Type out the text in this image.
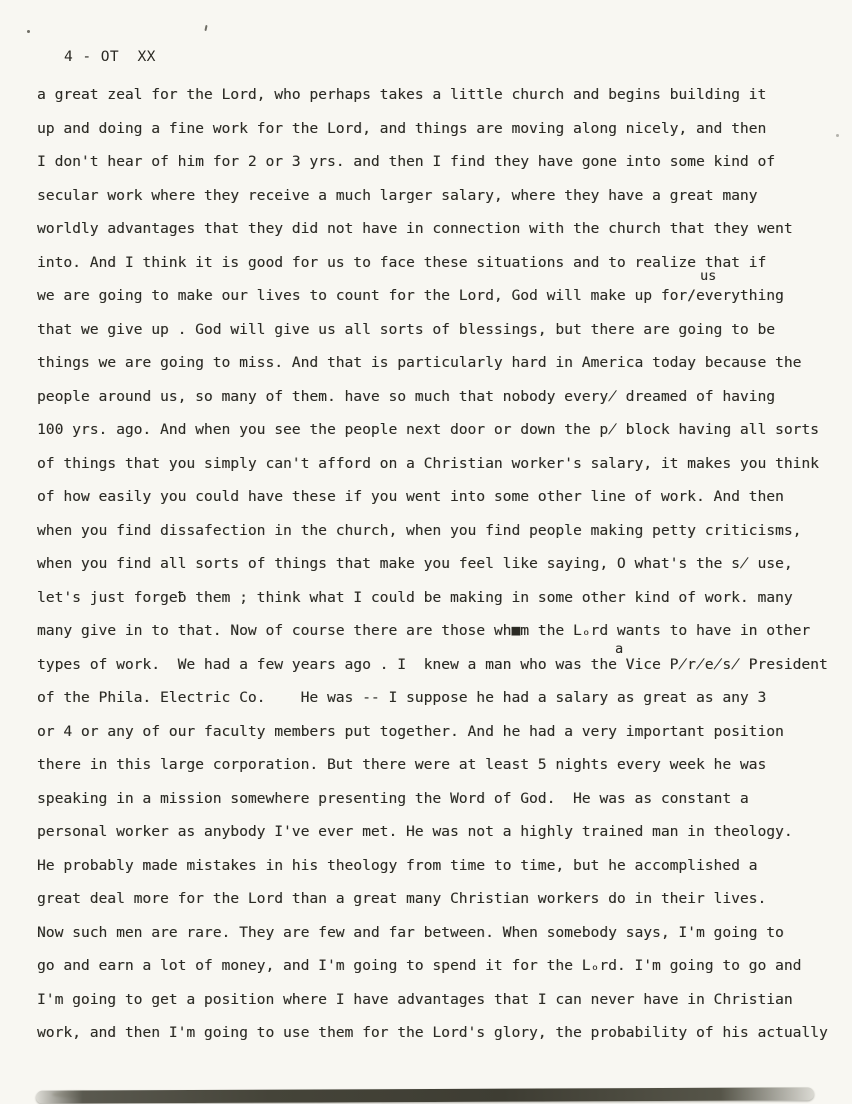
4 - OT  XX
a great zeal for the Lord, who perhaps takes a little church and begins building it
up and doing a fine work for the Lord, and things are moving along nicely, and then
I don't hear of him for 2 or 3 yrs. and then I find they have gone into some kind of
secular work where they receive a much larger salary, where they have a great many
worldly advantages that they did not have in connection with the church that they went
into. And I think it is good for us to face these situations and to realize that if
we are going to make our lives to count for the Lord, God will make up for/everything
that we give up . God will give us all sorts of blessings, but there are going to be
things we are going to miss. And that is particularly hard in America today because the
people around us, so many of them. have so much that nobody every̸ dreamed of having
100 yrs. ago. And when you see the people next door or down the p̸ block having all sorts
of things that you simply can't afford on a Christian worker's salary, it makes you think
of how easily you could have these if you went into some other line of work. And then
when you find dissafection in the church, when you find people making petty criticisms,
when you find all sorts of things that make you feel like saying, O what's the s̸ use,
let's just forgeƀ them ; think what I could be making in some other kind of work. many
many give in to that. Now of course there are those wh■m the Lₒrd wants to have in other
types of work.  We had a few years ago . I  knew a man who was the Vice P̸r̸e̸s̸ President
of the Phila. Electric Co.    He was -- I suppose he had a salary as great as any 3
or 4 or any of our faculty members put together. And he had a very important position
there in this large corporation. But there were at least 5 nights every week he was
speaking in a mission somewhere presenting the Word of God.  He was as constant a
personal worker as anybody I've ever met. He was not a highly trained man in theology.
He probably made mistakes in his theology from time to time, but he accomplished a
great deal more for the Lord than a great many Christian workers do in their lives.
Now such men are rare. They are few and far between. When somebody says, I'm going to
go and earn a lot of money, and I'm going to spend it for the Lₒrd. I'm going to go and
I'm going to get a position where I have advantages that I can never have in Christian
work, and then I'm going to use them for the Lord's glory, the probability of his actually
us
a
